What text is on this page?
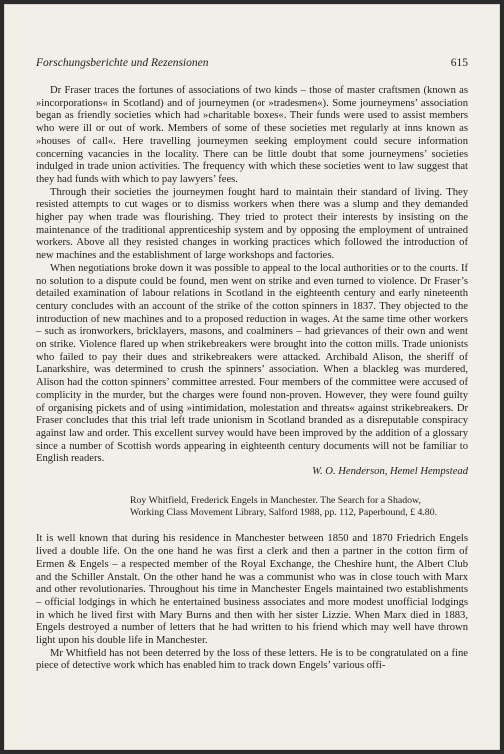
Forschungsberichte und Rezensionen	615

Dr Fraser traces the fortunes of associations of two kinds – those of master craftsmen (known as »incorporations« in Scotland) and of journeymen (or »tradesmen«). Some journeymens’ association began as friendly societies which had »charitable boxes«. Their funds were used to assist members who were ill or out of work. Members of some of these societies met regularly at inns known as »houses of call«. Here travelling journeymen seeking employment could secure information concerning vacancies in the locality. There can be little doubt that some journeymens’ societies indulged in trade union activities. The frequency with which these societies went to law suggest that they had funds with which to pay lawyers’ fees.

Through their societies the journeymen fought hard to maintain their standard of living. They resisted attempts to cut wages or to dismiss workers when there was a slump and they demanded higher pay when trade was flourishing. They tried to protect their interests by insisting on the maintenance of the traditional apprenticeship system and by opposing the employment of untrained workers. Above all they resisted changes in working practices which followed the introduction of new machines and the establishment of large workshops and factories.

When negotiations broke down it was possible to appeal to the local authorities or to the courts. If no solution to a dispute could be found, men went on strike and even turned to violence. Dr Fraser’s detailed examination of labour relations in Scotland in the eighteenth century and early nineteenth century concludes with an account of the strike of the cotton spinners in 1837. They objected to the introduction of new machines and to a proposed reduction in wages. At the same time other workers – such as ironworkers, bricklayers, masons, and coalminers – had grievances of their own and went on strike. Violence flared up when strikebreakers were brought into the cotton mills. Trade unionists who failed to pay their dues and strikebreakers were attacked. Archibald Alison, the sheriff of Lanarkshire, was determined to crush the spinners’ association. When a blackleg was murdered, Alison had the cotton spinners’ committee arrested. Four members of the committee were accused of complicity in the murder, but the charges were found non-proven. However, they were found guilty of organising pickets and of using »intimidation, molestation and threats« against strikebreakers. Dr Fraser concludes that this trial left trade unionism in Scotland branded as a disreputable conspiracy against law and order. This excellent survey would have been improved by the addition of a glossary since a number of Scottish words appearing in eighteenth century documents will not be familiar to English readers.

W. O. Henderson, Hemel Hempstead

Roy Whitfield, Frederick Engels in Manchester. The Search for a Shadow,
Working Class Movement Library, Salford 1988, pp. 112, Paperbound, £ 4.80.

It is well known that during his residence in Manchester between 1850 and 1870 Friedrich Engels lived a double life. On the one hand he was first a clerk and then a partner in the cotton firm of Ermen & Engels – a respected member of the Royal Exchange, the Cheshire hunt, the Albert Club and the Schiller Anstalt. On the other hand he was a communist who was in close touch with Marx and other revolutionaries. Throughout his time in Manchester Engels maintained two establishments – official lodgings in which he entertained business associates and more modest unofficial lodgings in which he lived first with Mary Burns and then with her sister Lizzie. When Marx died in 1883, Engels destroyed a number of letters that he had written to his friend which may well have thrown light upon his double life in Manchester.

Mr Whitfield has not been deterred by the loss of these letters. He is to be congratulated on a fine piece of detective work which has enabled him to track down Engels’ various offi-
